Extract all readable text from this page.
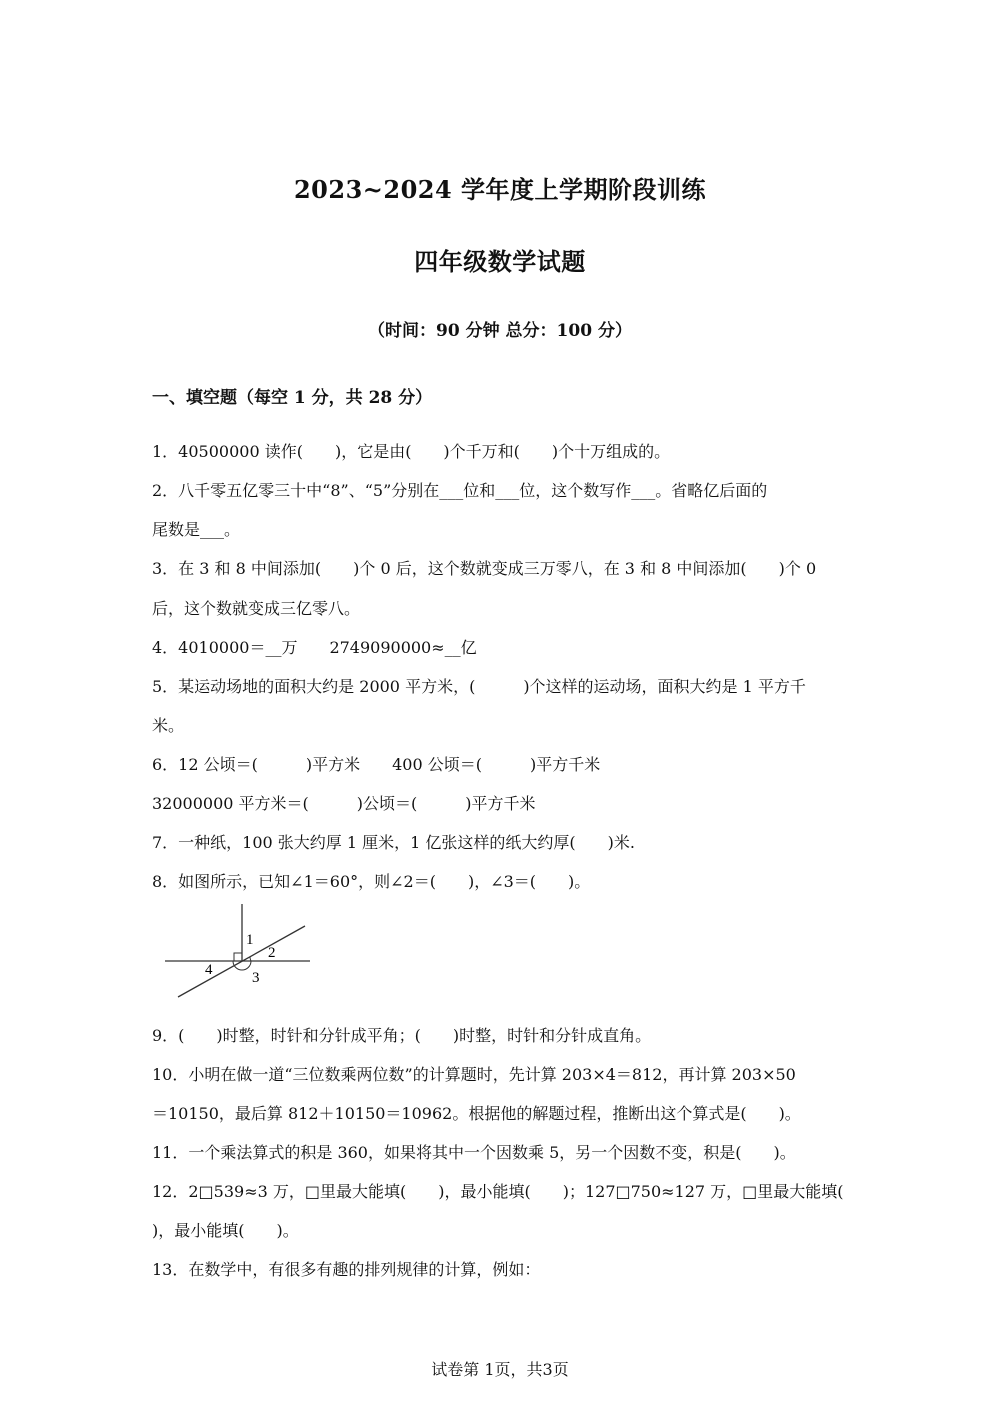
2023~2024 学年度上学期阶段训练
四年级数学试题
（时间：90 分钟 总分：100 分）
一、填空题（每空 1 分，共 28 分）
1．40500000 读作(　　)，它是由(　　)个千万和(　　)个十万组成的。
2．八千零五亿零三十中“8”、“5”分别在___位和___位，这个数写作___。省略亿后面的
尾数是___。
3．在 3 和 8 中间添加(　　)个 0 后，这个数就变成三万零八，在 3 和 8 中间添加(　　)个 0
后，这个数就变成三亿零八。
4．4010000＝__万　　2749090000≈__亿
5．某运动场地的面积大约是 2000 平方米，(　　　)个这样的运动场，面积大约是 1 平方千
米。
6．12 公顷＝(　　　)平方米　　400 公顷＝(　　　)平方千米
32000000 平方米＝(　　　)公顷＝(　　　)平方千米
7．一种纸，100 张大约厚 1 厘米，1 亿张这样的纸大约厚(　　)米.
8．如图所示，已知∠1＝60°，则∠2＝(　　)，∠3＝(　　)。
1
2
3
4
9．(　　)时整，时针和分针成平角；(　　)时整，时针和分针成直角。
10．小明在做一道“三位数乘两位数”的计算题时，先计算 203×4＝812，再计算 203×50
＝10150，最后算 812＋10150＝10962。根据他的解题过程，推断出这个算式是(　　)。
11．一个乘法算式的积是 360，如果将其中一个因数乘 5，另一个因数不变，积是(　　)。
12．2□539≈3 万，□里最大能填(　　)，最小能填(　　)；127□750≈127 万，□里最大能填(
)，最小能填(　　)。
13．在数学中，有很多有趣的排列规律的计算，例如：
试卷第 1页，共3页
